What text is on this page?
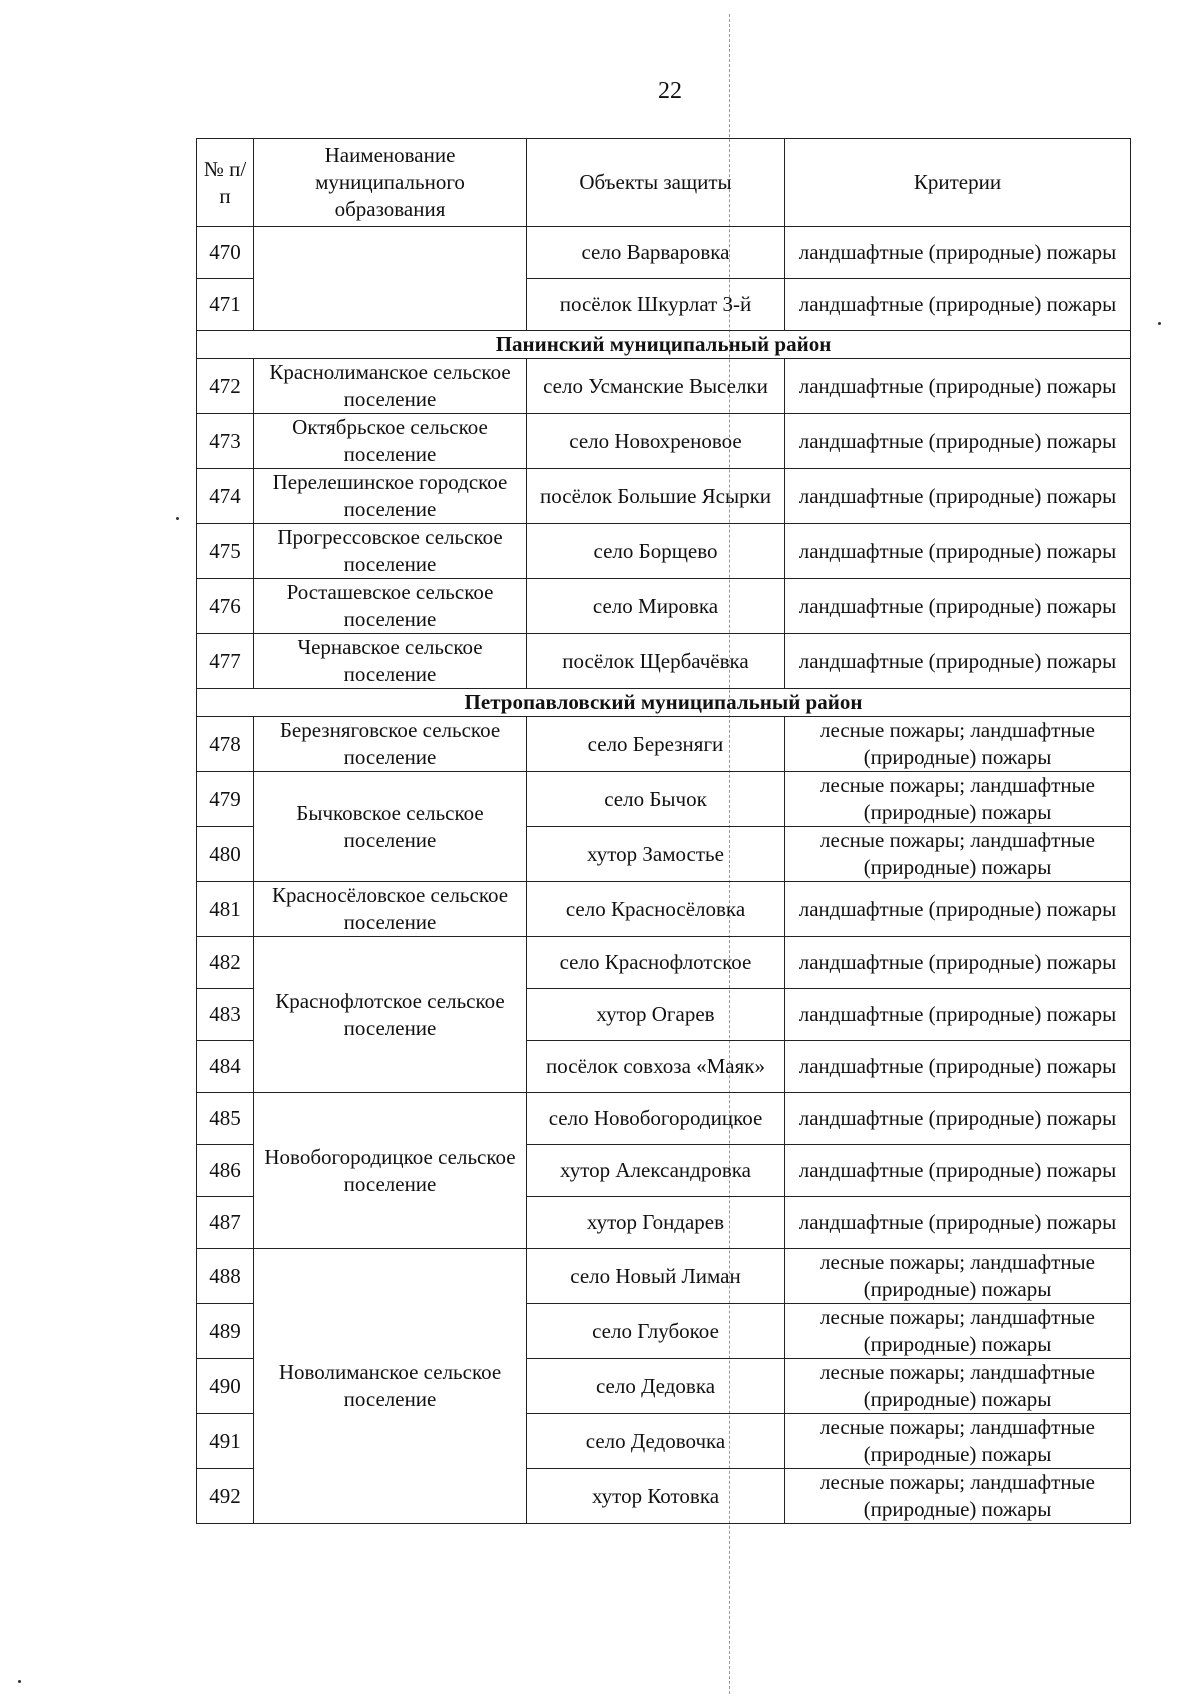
22
№ п/п	Наименование муниципального образования	Объекты защиты	Критерии
470		село Варваровка	ландшафтные (природные) пожары
471		посёлок Шкурлат 3-й	ландшафтные (природные) пожары
Панинский муниципальный район			
472	Краснолиманское сельское поселение	село Усманские Выселки	ландшафтные (природные) пожары
473	Октябрьское сельское поселение	село Новохреновое	ландшафтные (природные) пожары
474	Перелешинское городское поселение	посёлок Большие Ясырки	ландшафтные (природные) пожары
475	Прогрессовское сельское поселение	село Борщево	ландшафтные (природные) пожары
476	Росташевское сельское поселение	село Мировка	ландшафтные (природные) пожары
477	Чернавское сельское поселение	посёлок Щербачёвка	ландшафтные (природные) пожары
Петропавловский муниципальный район			
478	Березняговское сельское поселение	село Березняги	лесные пожары; ландшафтные (природные) пожары
479	Бычковское сельское поселение	село Бычок	лесные пожары; ландшафтные (природные) пожары
480		хутор Замостье	лесные пожары; ландшафтные (природные) пожары
481	Красносёловское сельское поселение	село Красносёловка	ландшафтные (природные) пожары
482	Краснофлотское сельское поселение	село Краснофлотское	ландшафтные (природные) пожары
483		хутор Огарев	ландшафтные (природные) пожары
484		посёлок совхоза «Маяк»	ландшафтные (природные) пожары
485	Новобогородицкое сельское поселение	село Новобогородицкое	ландшафтные (природные) пожары
486		хутор Александровка	ландшафтные (природные) пожары
487		хутор Гондарев	ландшафтные (природные) пожары
488	Новолиманское сельское поселение	село Новый Лиман	лесные пожары; ландшафтные (природные) пожары
489		село Глубокое	лесные пожары; ландшафтные (природные) пожары
490		село Дедовка	лесные пожары; ландшафтные (природные) пожары
491		село Дедовочка	лесные пожары; ландшафтные (природные) пожары
492		хутор Котовка	лесные пожары; ландшафтные (природные) пожары
